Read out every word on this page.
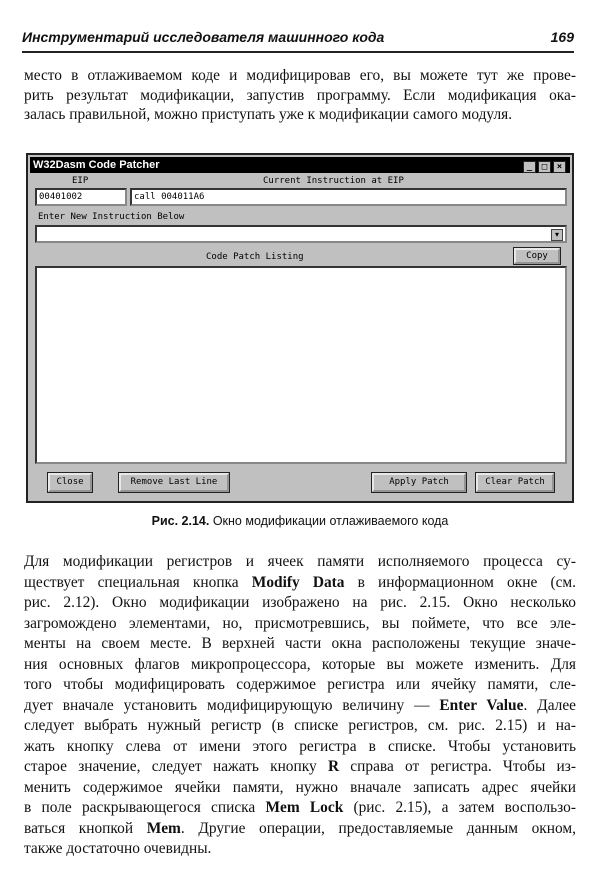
Инструментарий исследователя машинного кода	169
место в отлаживаемом коде и модифицировав его, вы можете тут же прове-
рить результат модификации, запустив программу. Если модификация ока-
залась правильной, можно приступать уже к модификации самого модуля.
W32Dasm Code Patcher	_	□	×
EIP	Current Instruction at EIP
00401002	call 004011A6
Enter New Instruction Below
▾
Code Patch Listing	Copy
Close	Remove Last Line	Apply Patch	Clear Patch
Рис. 2.14. Окно модификации отлаживаемого кода
Для модификации регистров и ячеек памяти исполняемого процесса су-
ществует специальная кнопка Modify Data в информационном окне (см.
рис. 2.12). Окно модификации изображено на рис. 2.15. Окно несколько
загромождено элементами, но, присмотревшись, вы поймете, что все эле-
менты на своем месте. В верхней части окна расположены текущие значе-
ния основных флагов микропроцессора, которые вы можете изменить. Для
того чтобы модифицировать содержимое регистра или ячейку памяти, сле-
дует вначале установить модифицирующую величину — Enter Value. Далее
следует выбрать нужный регистр (в списке регистров, см. рис. 2.15) и на-
жать кнопку слева от имени этого регистра в списке. Чтобы установить
старое значение, следует нажать кнопку R справа от регистра. Чтобы из-
менить содержимое ячейки памяти, нужно вначале записать адрес ячейки
в поле раскрывающегося списка Mem Lock (рис. 2.15), а затем воспользо-
ваться кнопкой Mem. Другие операции, предоставляемые данным окном,
также достаточно очевидны.
